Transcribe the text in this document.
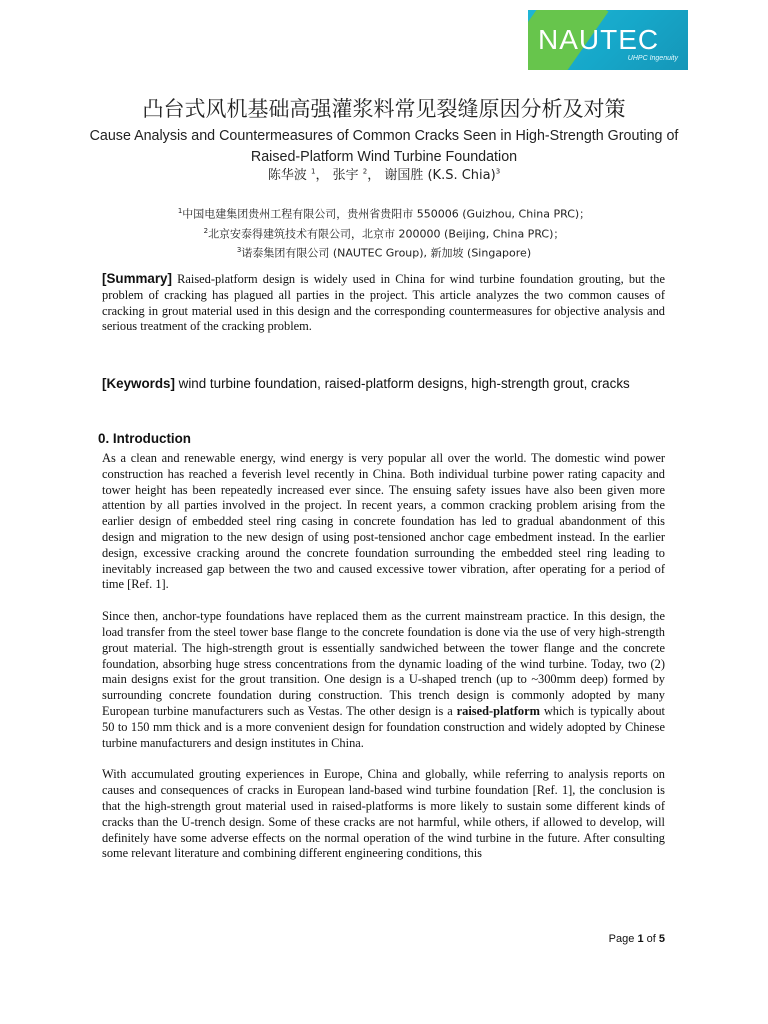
NAUTEC
UHPC Ingenuity
凸台式风机基础高强灌浆料常见裂缝原因分析及对策
Cause Analysis and Countermeasures of Common Cracks Seen in High-Strength Grouting of Raised-Platform Wind Turbine Foundation
陈华波 $^1$， 张宇 $^2$， 谢国胜 (K.S. Chia)$^3$
$^1$中国电建集团贵州工程有限公司，贵州省贵阳市 550006 (Guizhou, China PRC)；
$^2$北京安泰得建筑技术有限公司，北京市 200000 (Beijing, China PRC)；
$^3$诺泰集团有限公司 (NAUTEC Group), 新加坡 (Singapore)
[Summary] Raised-platform design is widely used in China for wind turbine foundation grouting, but the problem of cracking has plagued all parties in the project. This article analyzes the two common causes of cracking in grout material used in this design and the corresponding countermeasures for objective analysis and serious treatment of the cracking problem.
[Keywords] wind turbine foundation, raised-platform designs, high-strength grout, cracks
0. Introduction

As a clean and renewable energy, wind energy is very popular all over the world. The domestic wind power construction has reached a feverish level recently in China. Both individual turbine power rating capacity and tower height has been repeatedly increased ever since. The ensuing safety issues have also been given more attention by all parties involved in the project. In recent years, a common cracking problem arising from the earlier design of embedded steel ring casing in concrete foundation has led to gradual abandonment of this design and migration to the new design of using post-tensioned anchor cage embedment instead. In the earlier design, excessive cracking around the concrete foundation surrounding the embedded steel ring leading to inevitably increased gap between the two and caused excessive tower vibration, after operating for a period of time [Ref. 1].

Since then, anchor-type foundations have replaced them as the current mainstream practice. In this design, the load transfer from the steel tower base flange to the concrete foundation is done via the use of very high-strength grout material. The high-strength grout is essentially sandwiched between the tower flange and the concrete foundation, absorbing huge stress concentrations from the dynamic loading of the wind turbine. Today, two (2) main designs exist for the grout transition. One design is a U-shaped trench (up to ~300mm deep) formed by surrounding concrete foundation during construction. This trench design is commonly adopted by many European turbine manufacturers such as Vestas. The other design is a raised-platform which is typically about 50 to 150 mm thick and is a more convenient design for foundation construction and widely adopted by Chinese turbine manufacturers and design institutes in China.

With accumulated grouting experiences in Europe, China and globally, while referring to analysis reports on causes and consequences of cracks in European land-based wind turbine foundation [Ref. 1], the conclusion is that the high-strength grout material used in raised-platforms is more likely to sustain some different kinds of cracks than the U-trench design. Some of these cracks are not harmful, while others, if allowed to develop, will definitely have some adverse effects on the normal operation of the wind turbine in the future. After consulting some relevant literature and combining different engineering conditions, this

Page 1 of 5
